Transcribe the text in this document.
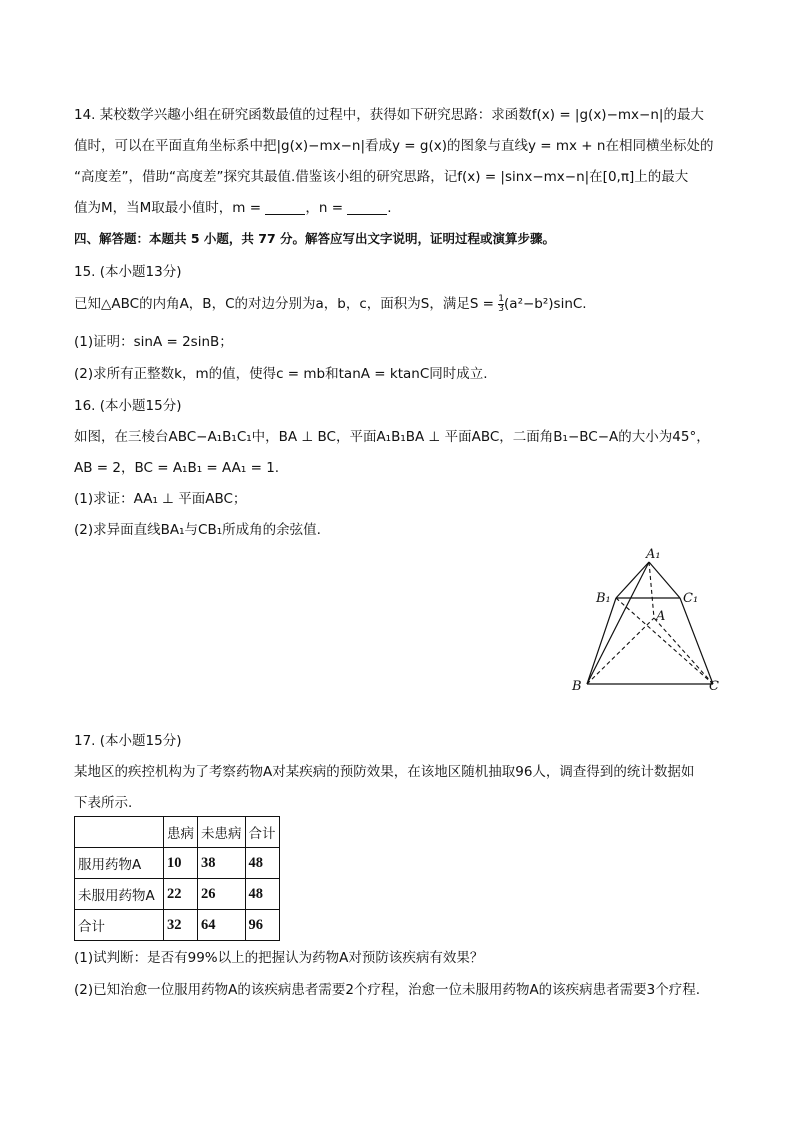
14. 某校数学兴趣小组在研究函数最值的过程中，获得如下研究思路：求函数f(x) = |g(x)−mx−n|的最大
值时，可以在平面直角坐标系中把|g(x)−mx−n|看成y = g(x)的图象与直线y = mx + n在相同横坐标处的
“高度差”，借助“高度差”探究其最值.借鉴该小组的研究思路，记f(x) = |sinx−mx−n|在[0,π]上的最大
值为M，当M取最小值时，m =	，n =	.
四、解答题：本题共 5 小题，共 77 分。解答应写出文字说明，证明过程或演算步骤。
15. (本小题13分)
已知△ABC的内角A，B，C的对边分别为a，b，c，面积为S，满足$S = \frac{1}{3} (a^2-b^2)\sin C$.
(1)证明：sinA = 2sinB；
(2)求所有正整数k，m的值，使得c = mb和tanA = ktanC同时成立.
16. (本小题15分)
如图，在三棱台ABC−A₁B₁C₁中，BA ⊥ BC，平面A₁B₁BA ⊥ 平面ABC，二面角B₁−BC−A的大小为45°，
AB = 2，BC = A₁B₁ = AA₁ = 1.
(1)求证：AA₁ ⊥ 平面ABC；
(2)求异面直线BA₁与CB₁所成角的余弦值.
A₁
B₁	C₁
A
B	C
17. (本小题15分)
某地区的疾控机构为了考察药物A对某疾病的预防效果，在该地区随机抽取96人，调查得到的统计数据如
下表所示.
	患病	未患病	合计
服用药物A	10	38	48
未服用药物A	22	26	48
合计	32	64	96
(1)试判断：是否有99%以上的把握认为药物A对预防该疾病有效果？
(2)已知治愈一位服用药物A的该疾病患者需要2个疗程，治愈一位未服用药物A的该疾病患者需要3个疗程.
